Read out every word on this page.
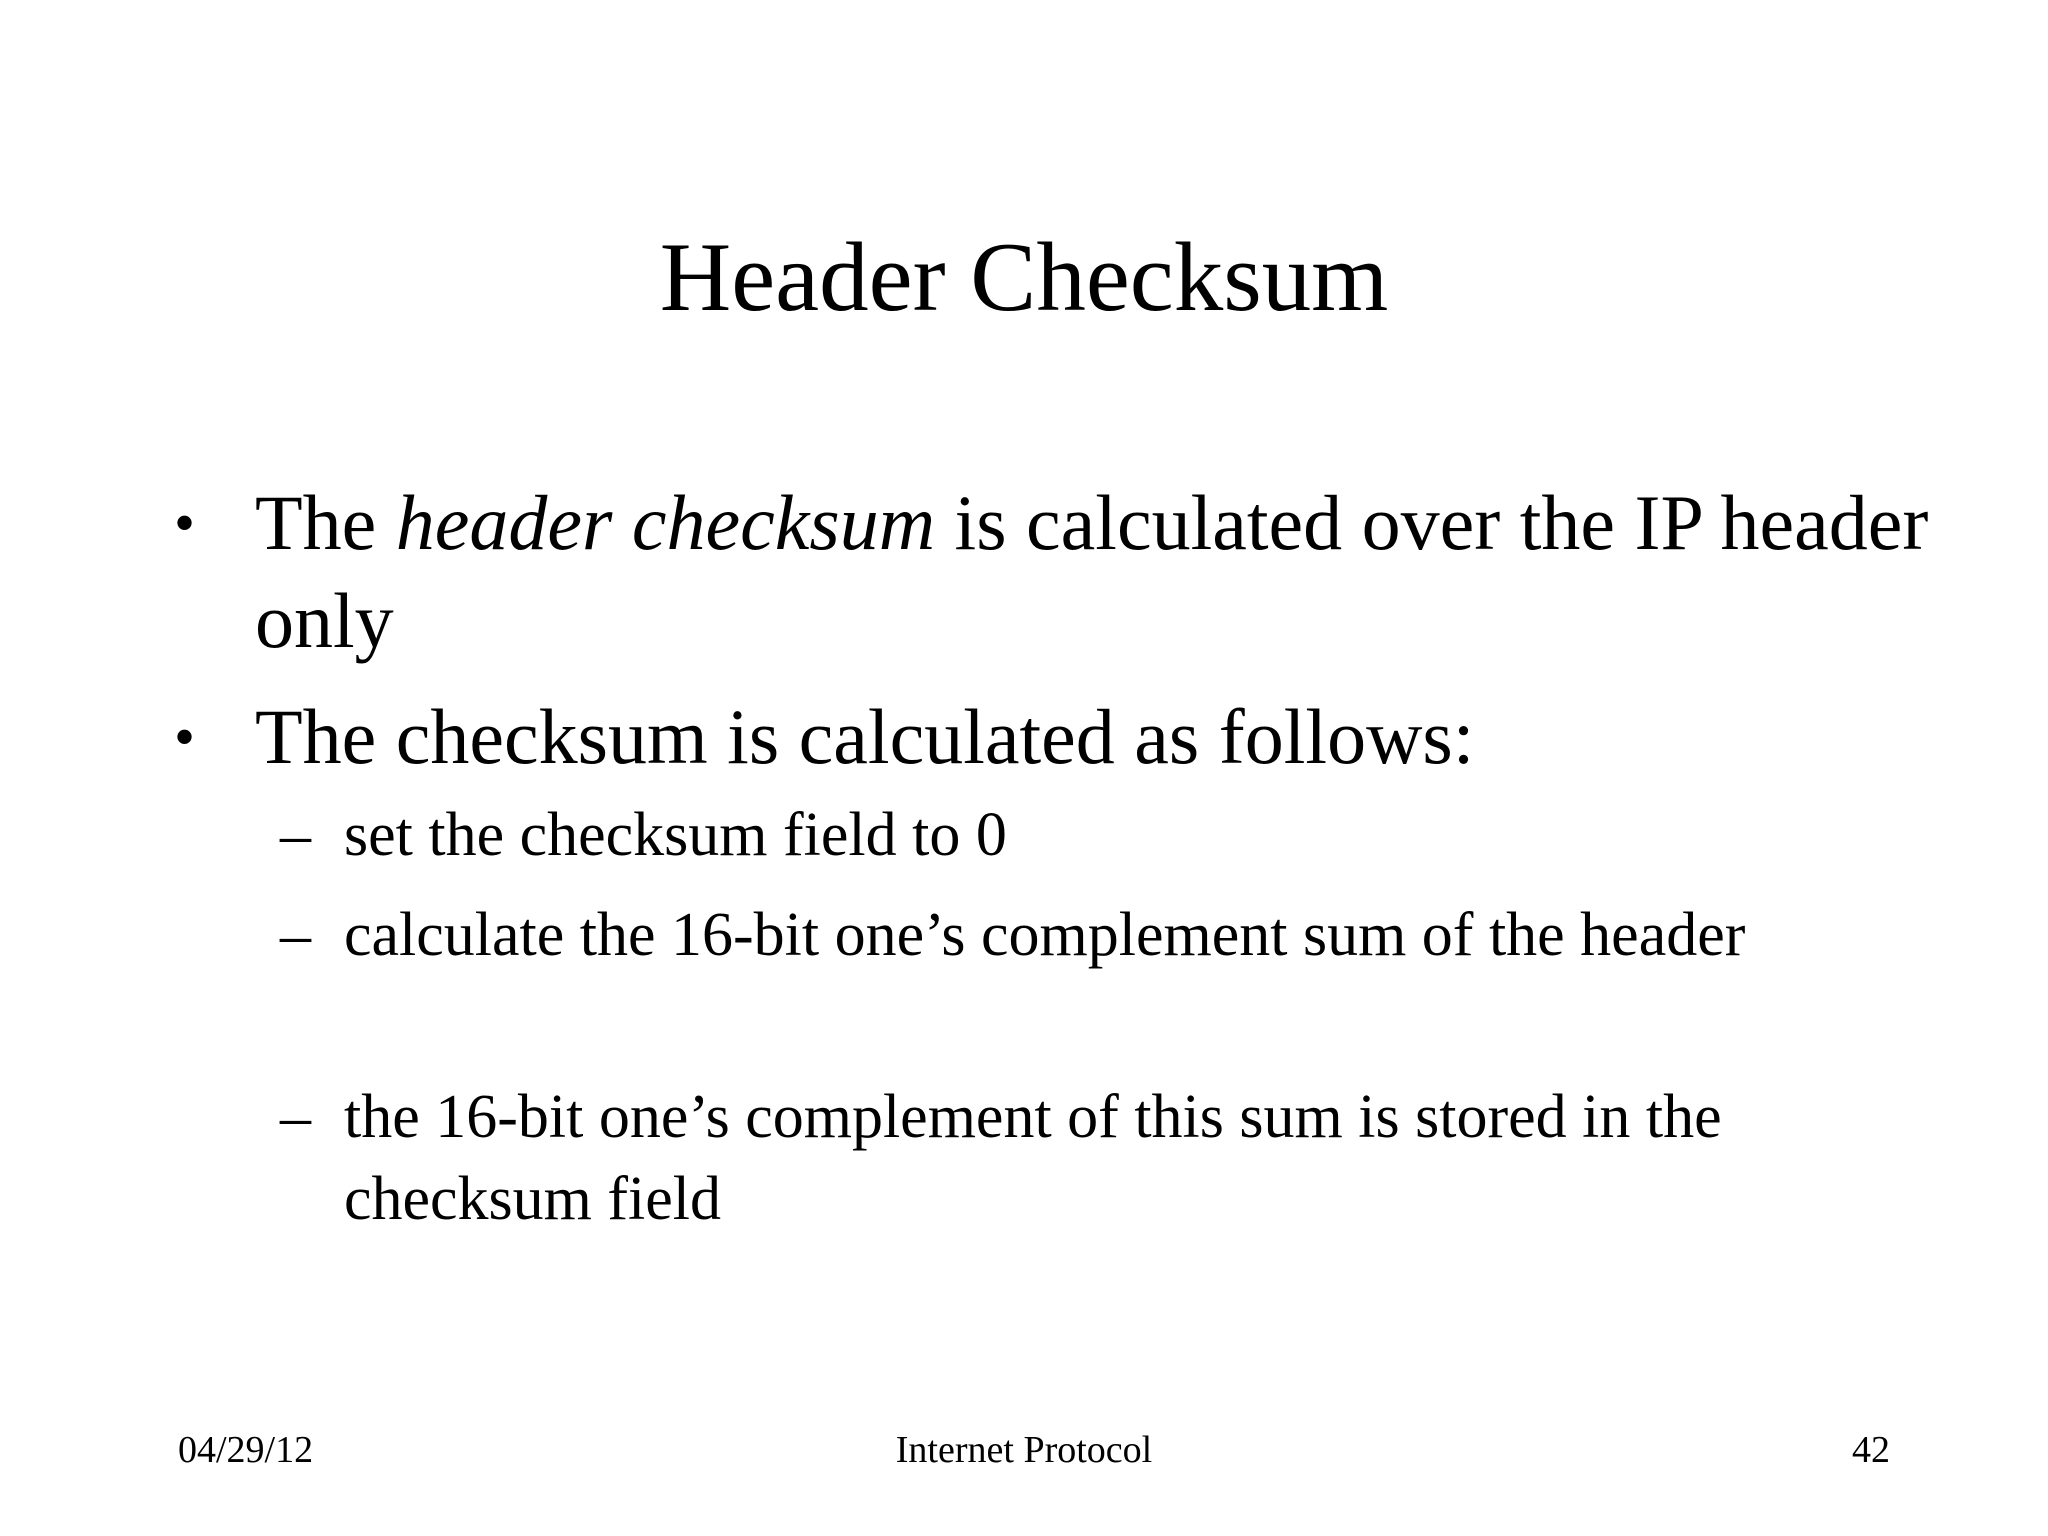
Header Checksum
• The header checksum is calculated over the IP header only
• The checksum is calculated as follows:
– set the checksum field to 0
– calculate the 16-bit one’s complement sum of the header
– the 16-bit one’s complement of this sum is stored in the checksum field
Internet Protocol
04/29/12	42
